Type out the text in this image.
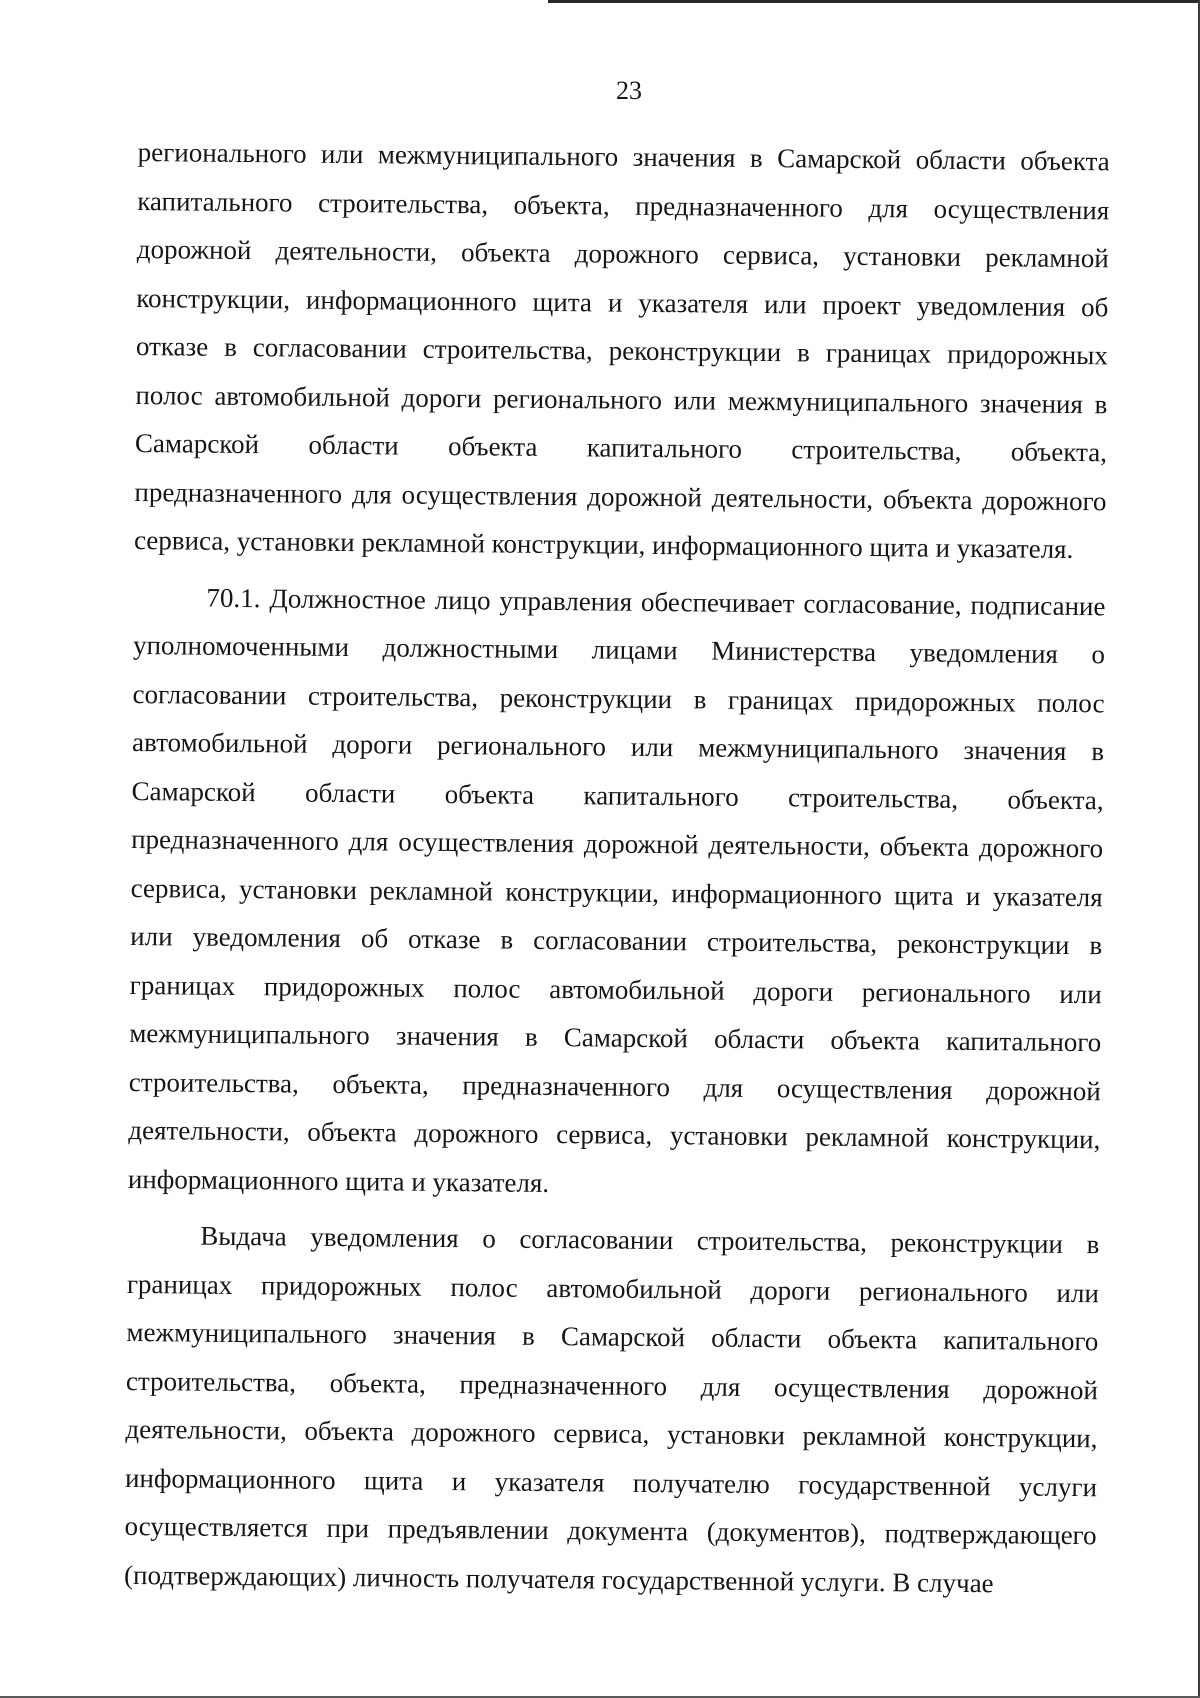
23

регионального или межмуниципального значения в Самарской области объекта капитального строительства, объекта, предназначенного для осуществления дорожной деятельности, объекта дорожного сервиса, установки рекламной конструкции, информационного щита и указателя или проект уведомления об отказе в согласовании строительства, реконструкции в границах придорожных полос автомобильной дороги регионального или межмуниципального значения в Самарской области объекта капитального строительства, объекта, предназначенного для осуществления дорожной деятельности, объекта дорожного сервиса, установки рекламной конструкции, информационного щита и указателя.

70.1. Должностное лицо управления обеспечивает согласование, подписание уполномоченными должностными лицами Министерства уведомления о согласовании строительства, реконструкции в границах придорожных полос автомобильной дороги регионального или межмуниципального значения в Самарской области объекта капитального строительства, объекта, предназначенного для осуществления дорожной деятельности, объекта дорожного сервиса, установки рекламной конструкции, информационного щита и указателя или уведомления об отказе в согласовании строительства, реконструкции в границах придорожных полос автомобильной дороги регионального или межмуниципального значения в Самарской области объекта капитального строительства, объекта, предназначенного для осуществления дорожной деятельности, объекта дорожного сервиса, установки рекламной конструкции, информационного щита и указателя.

Выдача уведомления о согласовании строительства, реконструкции в границах придорожных полос автомобильной дороги регионального или межмуниципального значения в Самарской области объекта капитального строительства, объекта, предназначенного для осуществления дорожной деятельности, объекта дорожного сервиса, установки рекламной конструкции, информационного щита и указателя получателю государственной услуги осуществляется при предъявлении документа (документов), подтверждающего (подтверждающих) личность получателя государственной услуги. В случае
